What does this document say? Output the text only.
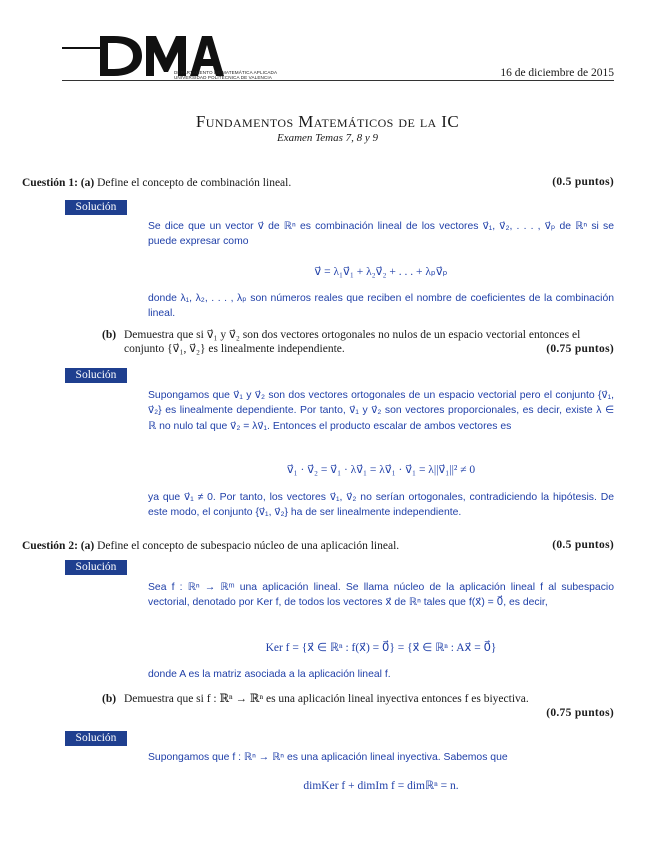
DEPARTAMENTO DE MATEMÁTICA APLICADA
UNIVERSIDAD POLITÉCNICA DE VALENCIA	16 de diciembre de 2015
Fundamentos Matemáticos de la IC
Examen Temas 7, 8 y 9
Cuestión 1: (a) Define el concepto de combinación lineal.	(0.5 puntos)
Solución
Se dice que un vector v⃗ de ℝⁿ es combinación lineal de los vectores v⃗₁, v⃗₂, . . . , v⃗ₚ de ℝⁿ si se puede expresar como
v⃗ = λ₁v⃗₁ + λ₂v⃗₂ + . . . + λₚv⃗ₚ
donde λ₁, λ₂, . . . , λₚ son números reales que reciben el nombre de coeficientes de la combinación lineal.
(b) Demuestra que si v⃗₁ y v⃗₂ son dos vectores ortogonales no nulos de un espacio vectorial entonces el conjunto {v⃗₁, v⃗₂} es linealmente independiente.	(0.75 puntos)
Solución
Supongamos que v⃗₁ y v⃗₂ son dos vectores ortogonales de un espacio vectorial pero el conjunto {v⃗₁, v⃗₂} es linealmente dependiente. Por tanto, v⃗₁ y v⃗₂ son vectores proporcionales, es decir, existe λ ∈ ℝ no nulo tal que v⃗₂ = λv⃗₁. Entonces el producto escalar de ambos vectores es
v⃗₁ · v⃗₂ = v⃗₁ · λv⃗₁ = λv⃗₁ · v⃗₁ = λ||v⃗₁||² ≠ 0
ya que v⃗₁ ≠ 0. Por tanto, los vectores v⃗₁, v⃗₂ no serían ortogonales, contradiciendo la hipótesis. De este modo, el conjunto {v⃗₁, v⃗₂} ha de ser linealmente independiente.
Cuestión 2: (a) Define el concepto de subespacio núcleo de una aplicación lineal.	(0.5 puntos)
Solución
Sea f : ℝⁿ → ℝᵐ una aplicación lineal. Se llama núcleo de la aplicación lineal f al subespacio vectorial, denotado por Ker f, de todos los vectores x⃗ de ℝⁿ tales que f(x⃗) = 0⃗, es decir,
Ker f = {x⃗ ∈ ℝⁿ : f(x⃗) = 0⃗} = {x⃗ ∈ ℝⁿ : Ax⃗ = 0⃗}
donde A es la matriz asociada a la aplicación lineal f.
(b) Demuestra que si f : ℝⁿ → ℝⁿ es una aplicación lineal inyectiva entonces f es biyectiva.
(0.75 puntos)
Solución
Supongamos que f : ℝⁿ → ℝⁿ es una aplicación lineal inyectiva. Sabemos que
dimKer f + dimIm f = dimℝⁿ = n.
